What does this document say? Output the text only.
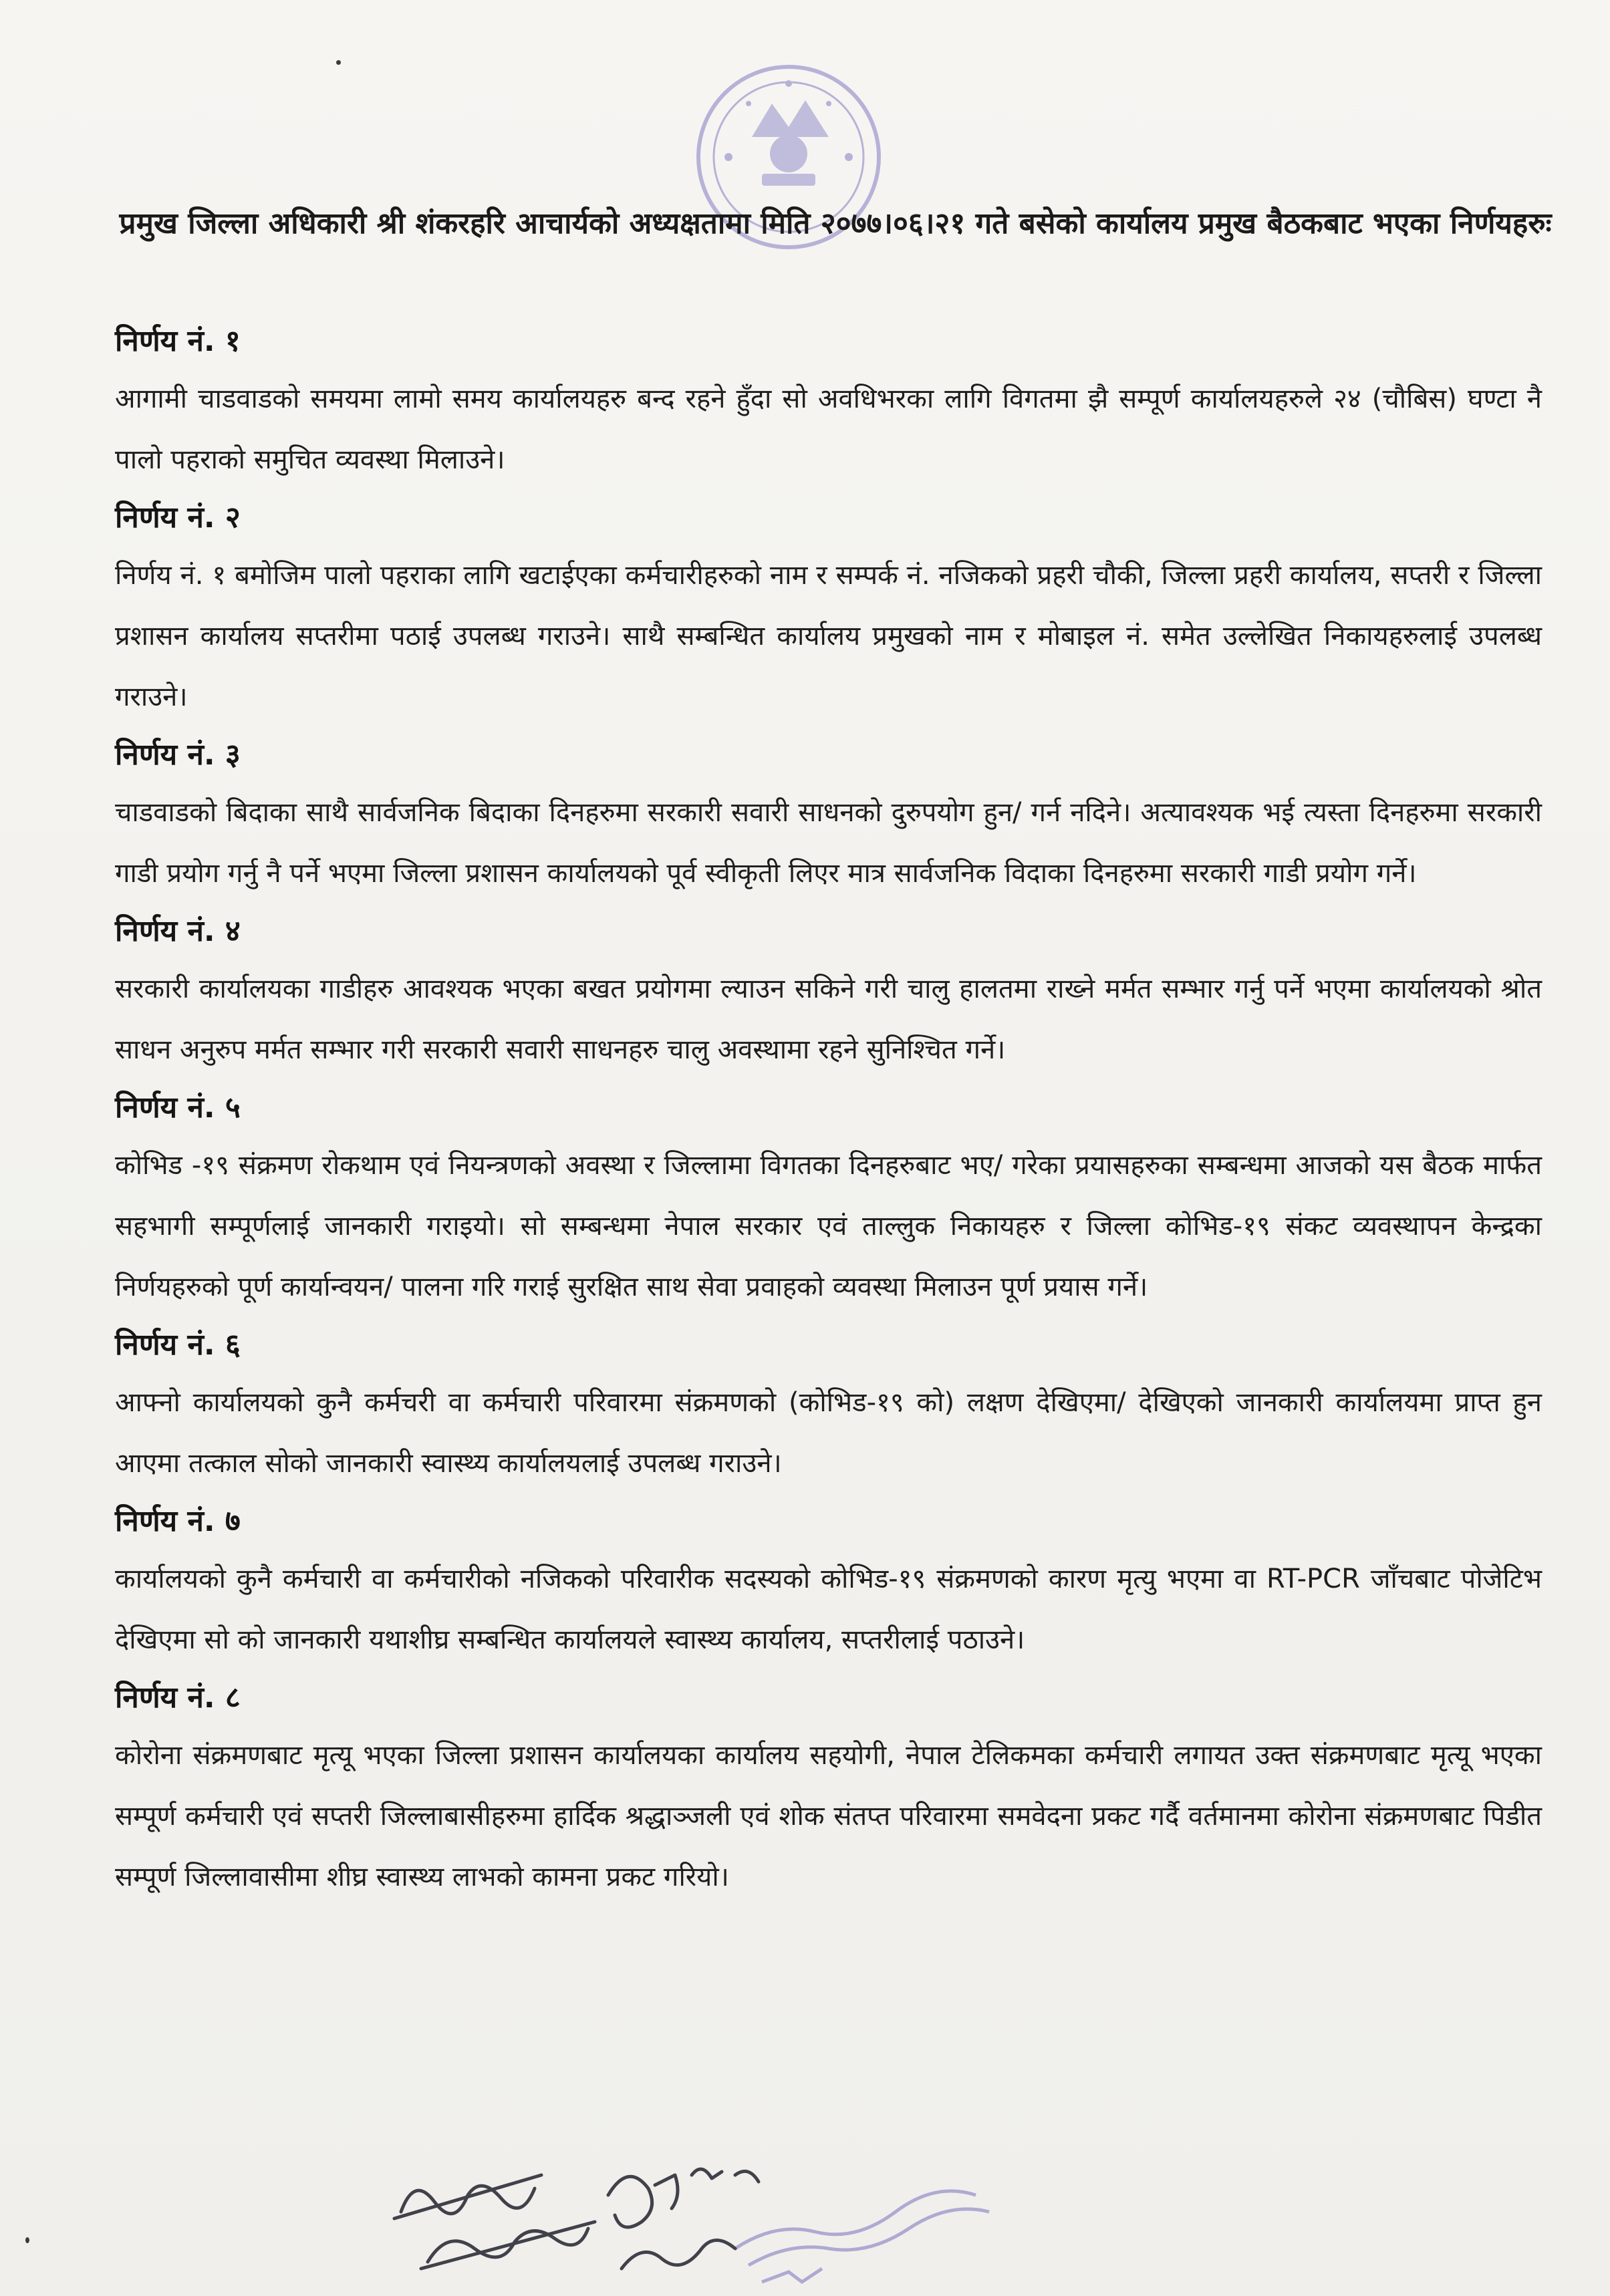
प्रमुख जिल्ला अधिकारी श्री शंकरहरि आचार्यको अध्यक्षतामा मिति २०७७।०६।२१ गते बसेको कार्यालय प्रमुख बैठकबाट भएका निर्णयहरुः

निर्णय नं. १

आगामी चाडवाडको समयमा लामो समय कार्यालयहरु बन्द रहने हुँदा सो अवधिभरका लागि विगतमा झै सम्पूर्ण कार्यालयहरुले २४ (चौबिस) घण्टा नै पालो पहराको समुचित व्यवस्था मिलाउने।

निर्णय नं. २

निर्णय नं. १ बमोजिम पालो पहराका लागि खटाईएका कर्मचारीहरुको नाम र सम्पर्क नं. नजिकको प्रहरी चौकी, जिल्ला प्रहरी कार्यालय, सप्तरी र जिल्ला प्रशासन कार्यालय सप्तरीमा पठाई उपलब्ध गराउने। साथै सम्बन्धित कार्यालय प्रमुखको नाम र मोबाइल नं. समेत उल्लेखित निकायहरुलाई उपलब्ध गराउने।

निर्णय नं. ३

चाडवाडको बिदाका साथै सार्वजनिक बिदाका दिनहरुमा सरकारी सवारी साधनको दुरुपयोग हुन/ गर्न नदिने। अत्यावश्यक भई त्यस्ता दिनहरुमा सरकारी गाडी प्रयोग गर्नु नै पर्ने भएमा जिल्ला प्रशासन कार्यालयको पूर्व स्वीकृती लिएर मात्र सार्वजनिक विदाका दिनहरुमा सरकारी गाडी प्रयोग गर्ने।

निर्णय नं. ४

सरकारी कार्यालयका गाडीहरु आवश्यक भएका बखत प्रयोगमा ल्याउन सकिने गरी चालु हालतमा राख्ने मर्मत सम्भार गर्नु पर्ने भएमा कार्यालयको श्रोत साधन अनुरुप मर्मत सम्भार गरी सरकारी सवारी साधनहरु चालु अवस्थामा रहने सुनिश्चित गर्ने।

निर्णय नं. ५

कोभिड -१९ संक्रमण रोकथाम एवं नियन्त्रणको अवस्था र जिल्लामा विगतका दिनहरुबाट भए/ गरेका प्रयासहरुका सम्बन्धमा आजको यस बैठक मार्फत सहभागी सम्पूर्णलाई जानकारी गराइयो। सो सम्बन्धमा नेपाल सरकार एवं ताल्लुक निकायहरु र जिल्ला कोभिड-१९ संकट व्यवस्थापन केन्द्रका निर्णयहरुको पूर्ण कार्यान्वयन/ पालना गरि गराई सुरक्षित साथ सेवा प्रवाहको व्यवस्था मिलाउन पूर्ण प्रयास गर्ने।

निर्णय नं. ६

आफ्नो कार्यालयको कुनै कर्मचरी वा कर्मचारी परिवारमा संक्रमणको (कोभिड-१९ को) लक्षण देखिएमा/ देखिएको जानकारी कार्यालयमा प्राप्त हुन आएमा तत्काल सोको जानकारी स्वास्थ्य कार्यालयलाई उपलब्ध गराउने।

निर्णय नं. ७

कार्यालयको कुनै कर्मचारी वा कर्मचारीको नजिकको परिवारीक सदस्यको कोभिड-१९ संक्रमणको कारण मृत्यु भएमा वा RT-PCR जाँचबाट पोजेटिभ देखिएमा सो को जानकारी यथाशीघ्र सम्बन्धित कार्यालयले स्वास्थ्य कार्यालय, सप्तरीलाई पठाउने।

निर्णय नं. ८

कोरोना संक्रमणबाट मृत्यू भएका जिल्ला प्रशासन कार्यालयका कार्यालय सहयोगी, नेपाल टेलिकमका कर्मचारी लगायत उक्त संक्रमणबाट मृत्यू भएका सम्पूर्ण कर्मचारी एवं सप्तरी जिल्लाबासीहरुमा हार्दिक श्रद्धाञ्जली एवं शोक संतप्त परिवारमा समवेदना प्रकट गर्दै वर्तमानमा कोरोना संक्रमणबाट पिडीत सम्पूर्ण जिल्लावासीमा शीघ्र स्वास्थ्य लाभको कामना प्रकट गरियो।
